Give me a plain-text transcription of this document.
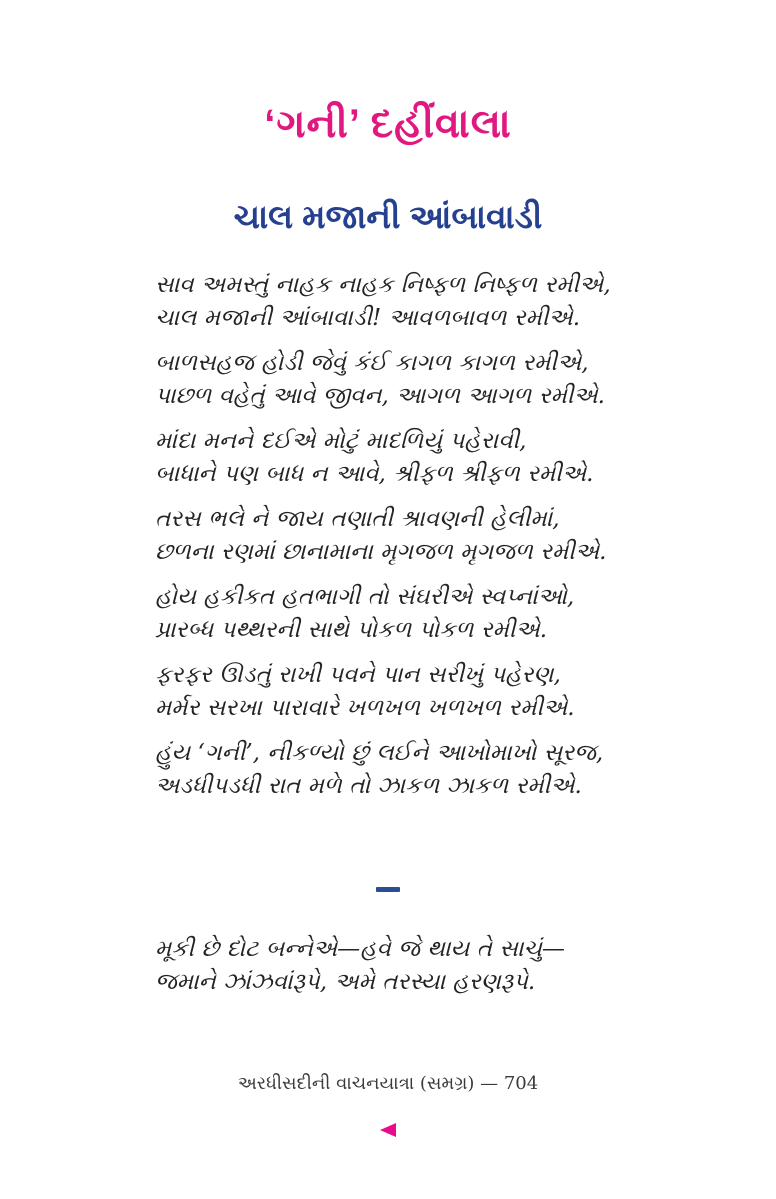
‘ગની’ દહીંવાલા
ચાલ મજાની આંબાવાડી

સાવ અમસ્તું નાહક નાહક નિષ્ફળ નિષ્ફળ રમીએ,

ચાલ મજાની આંબાવાડી! આવળબાવળ રમીએ.

બાળસહજ હોડી જેવું કંઈ કાગળ કાગળ રમીએ,

પાછળ વહેતું આવે જીવન, આગળ આગળ રમીએ.

માંદા મનને દઈએ મોટું માદળિયું પહેરાવી,

બાધાને પણ બાધ ન આવે, શ્રીફળ શ્રીફળ રમીએ.

તરસ ભલે ને જાય તણાતી શ્રાવણની હેલીમાં,

છળના રણમાં છાનામાના મૃગજળ મૃગજળ રમીએ.

હોય હકીકત હતભાગી તો સંઘરીએ સ્વપ્નાંઓ,

પ્રારબ્ધ પથ્થરની સાથે પોકળ પોકળ રમીએ.

ફરફર ઊડતું રાખી પવને પાન સરીખું પહેરણ,

મર્મર સરખા પારાવારે ખળખળ ખળખળ રમીએ.

હુંય ‘ગની’, નીકળ્યો છું લઈને આખોમાખો સૂરજ,

અડધીપડધી રાત મળે તો ઝાકળ ઝાકળ રમીએ.

મૂકી છે દોટ બન્નેએ—હવે જે થાય તે સાચું—

જમાને ઝાંઝવાંરૂપે, અમે તરસ્યા હરણરૂપે.

અરધીસદીની વાચનયાત્રા (સમગ્ર) — 704
